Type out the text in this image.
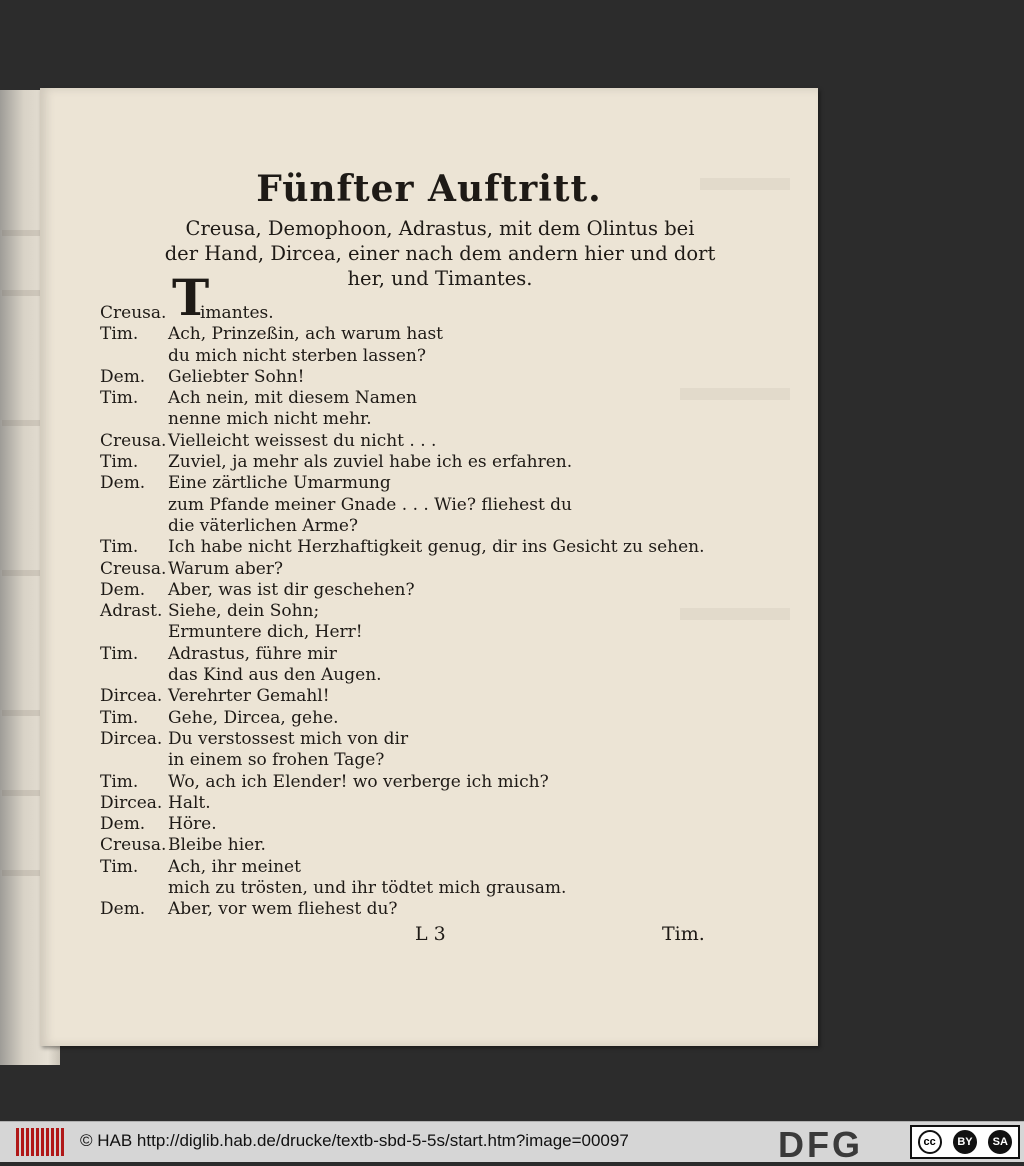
Fünfter Auftritt.
Creusa, Demophoon, Adrastus, mit dem Olintus bei
der Hand, Dircea, einer nach dem andern hier und dort
her, und Timantes.
Creusa. T
imantes.
Tim. Ach, Prinzeßin, ach warum hast
du mich nicht sterben lassen?
Dem. Geliebter Sohn!
Tim. Ach nein, mit diesem Namen
nenne mich nicht mehr.
Creusa. Vielleicht weissest du nicht . . .
Tim. Zuviel, ja mehr als zuviel habe ich es erfahren.
Dem. Eine zärtliche Umarmung
zum Pfande meiner Gnade . . . Wie? fliehest du
die väterlichen Arme?
Tim. Ich habe nicht Herzhaftigkeit genug, dir ins Gesicht zu sehen.
Creusa. Warum aber?
Dem. Aber, was ist dir geschehen?
Adrast. Siehe, dein Sohn;
Ermuntere dich, Herr!
Tim. Adrastus, führe mir
das Kind aus den Augen.
Dircea. Verehrter Gemahl!
Tim. Gehe, Dircea, gehe.
Dircea. Du verstossest mich von dir
in einem so frohen Tage?
Tim. Wo, ach ich Elender! wo verberge ich mich?
Dircea. Halt.
Dem. Höre.
Creusa. Bleibe hier.
Tim. Ach, ihr meinet
mich zu trösten, und ihr tödtet mich grausam.
Dem. Aber, vor wem fliehest du?
L 3	Tim.
© HAB http://diglib.hab.de/drucke/textb-sbd-5-5s/start.htm?image=00097	DFG	cc	BY	SA
